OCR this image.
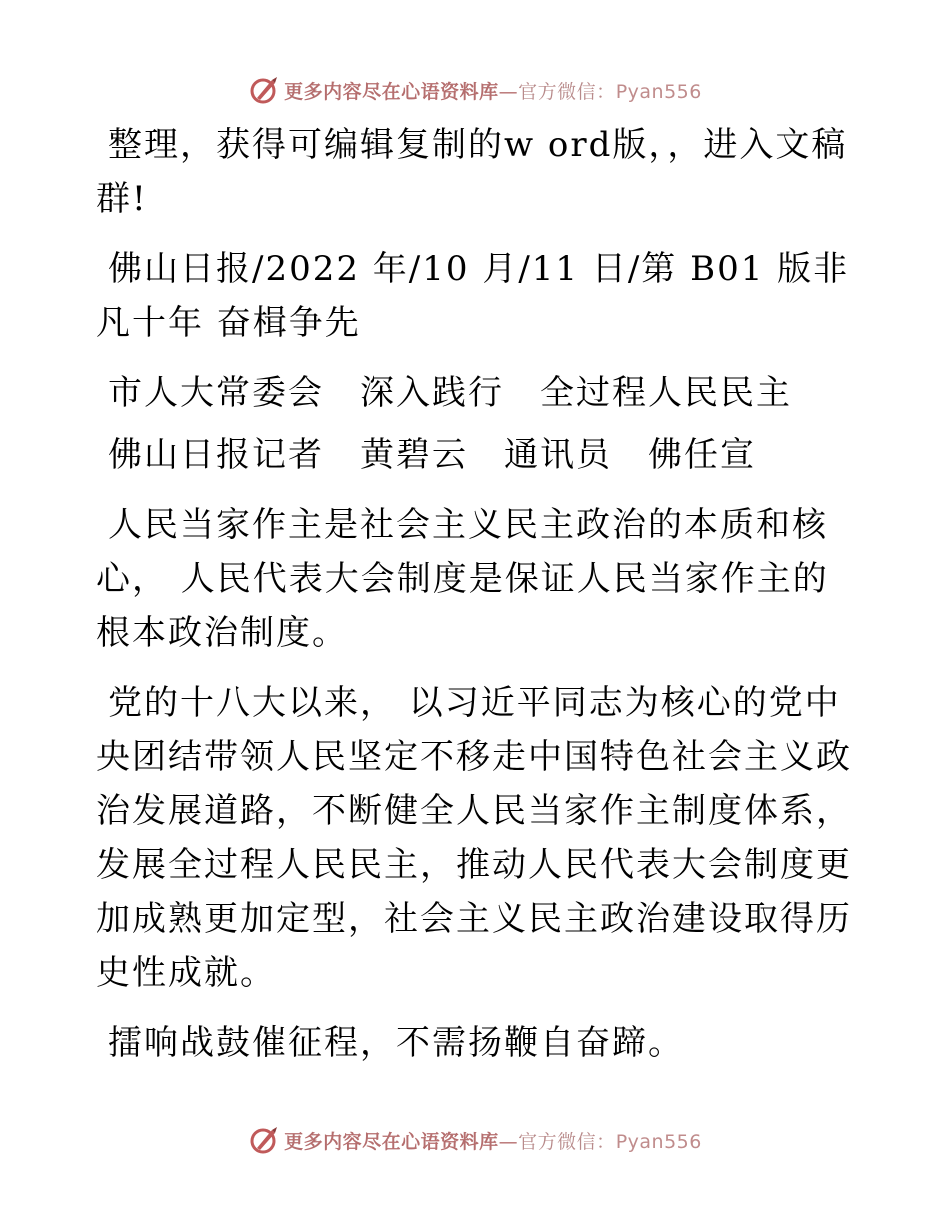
更多内容尽在心语资料库—官方微信：Pyan556

整理，获得可编辑复制的w ord版，，进入文稿群!

佛山日报/2022 年/10 月/11 日/第 B01 版非凡十年 奋楫争先

市人大常委会　深入践行　全过程人民民主

佛山日报记者　黄碧云　通讯员　佛任宣

人民当家作主是社会主义民主政治的本质和核心， 人民代表大会制度是保证人民当家作主的根本政治制度。

党的十八大以来， 以习近平同志为核心的党中央团结带领人民坚定不移走中国特色社会主义政治发展道路，不断健全人民当家作主制度体系，发展全过程人民民主，推动人民代表大会制度更加成熟更加定型，社会主义民主政治建设取得历史性成就。

擂响战鼓催征程，不需扬鞭自奋蹄。

更多内容尽在心语资料库—官方微信：Pyan556
